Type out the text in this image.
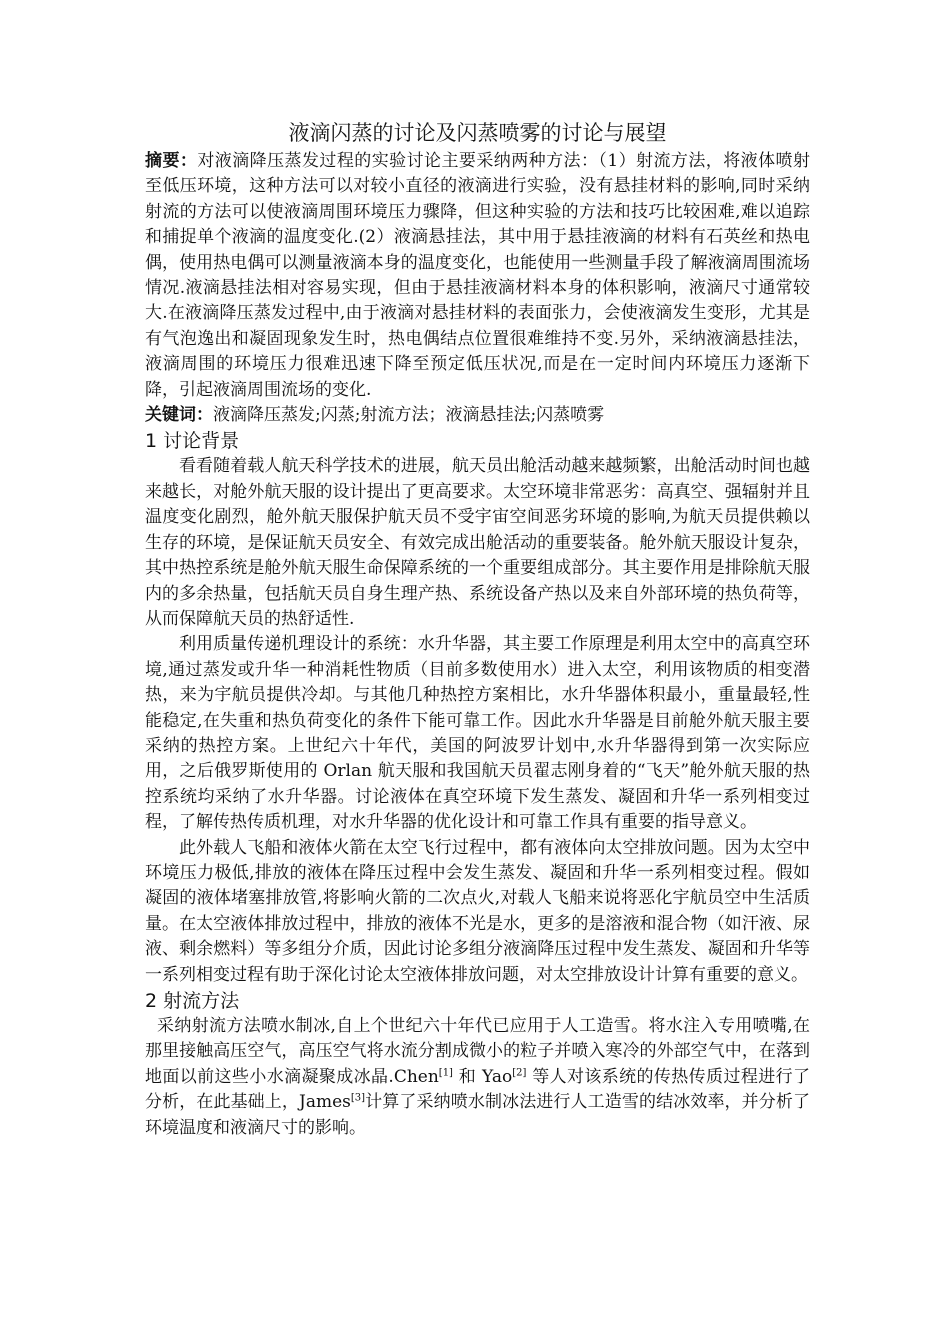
液滴闪蒸的讨论及闪蒸喷雾的讨论与展望

摘要：对液滴降压蒸发过程的实验讨论主要采纳两种方法：（1）射流方法，将液体喷射至低压环境，这种方法可以对较小直径的液滴进行实验，没有悬挂材料的影响,同时采纳射流的方法可以使液滴周围环境压力骤降，但这种实验的方法和技巧比较困难,难以追踪和捕捉单个液滴的温度变化.(2）液滴悬挂法，其中用于悬挂液滴的材料有石英丝和热电偶，使用热电偶可以测量液滴本身的温度变化，也能使用一些测量手段了解液滴周围流场情况.液滴悬挂法相对容易实现，但由于悬挂液滴材料本身的体积影响，液滴尺寸通常较大.在液滴降压蒸发过程中,由于液滴对悬挂材料的表面张力，会使液滴发生变形，尤其是有气泡逸出和凝固现象发生时，热电偶结点位置很难维持不变.另外，采纳液滴悬挂法，液滴周围的环境压力很难迅速下降至预定低压状况,而是在一定时间内环境压力逐渐下降，引起液滴周围流场的变化.

关键词：液滴降压蒸发;闪蒸;射流方法；液滴悬挂法;闪蒸喷雾

1 讨论背景

看看随着载人航天科学技术的进展，航天员出舱活动越来越频繁，出舱活动时间也越来越长，对舱外航天服的设计提出了更高要求。太空环境非常恶劣：高真空、强辐射并且温度变化剧烈，舱外航天服保护航天员不受宇宙空间恶劣环境的影响,为航天员提供赖以生存的环境，是保证航天员安全、有效完成出舱活动的重要装备。舱外航天服设计复杂，其中热控系统是舱外航天服生命保障系统的一个重要组成部分。其主要作用是排除航天服内的多余热量，包括航天员自身生理产热、系统设备产热以及来自外部环境的热负荷等，从而保障航天员的热舒适性.

利用质量传递机理设计的系统：水升华器，其主要工作原理是利用太空中的高真空环境,通过蒸发或升华一种消耗性物质（目前多数使用水）进入太空，利用该物质的相变潜热，来为宇航员提供冷却。与其他几种热控方案相比，水升华器体积最小，重量最轻,性能稳定,在失重和热负荷变化的条件下能可靠工作。因此水升华器是目前舱外航天服主要采纳的热控方案。上世纪六十年代，美国的阿波罗计划中,水升华器得到第一次实际应用，之后俄罗斯使用的 Orlan 航天服和我国航天员翟志刚身着的“飞天”舱外航天服的热控系统均采纳了水升华器。讨论液体在真空环境下发生蒸发、凝固和升华一系列相变过程，了解传热传质机理，对水升华器的优化设计和可靠工作具有重要的指导意义。

此外载人飞船和液体火箭在太空飞行过程中，都有液体向太空排放问题。因为太空中环境压力极低,排放的液体在降压过程中会发生蒸发、凝固和升华一系列相变过程。假如凝固的液体堵塞排放管,将影响火箭的二次点火,对载人飞船来说将恶化宇航员空中生活质量。在太空液体排放过程中，排放的液体不光是水，更多的是溶液和混合物（如汗液、尿液、剩余燃料）等多组分介质，因此讨论多组分液滴降压过程中发生蒸发、凝固和升华等一系列相变过程有助于深化讨论太空液体排放问题，对太空排放设计计算有重要的意义。

2 射流方法

采纳射流方法喷水制冰,自上个世纪六十年代已应用于人工造雪。将水注入专用喷嘴,在那里接触高压空气，高压空气将水流分割成微小的粒子并喷入寒冷的外部空气中，在落到地面以前这些小水滴凝聚成冰晶.Chen[1] 和 Yao[2] 等人对该系统的传热传质过程进行了分析，在此基础上，James[3]计算了采纳喷水制冰法进行人工造雪的结冰效率，并分析了环境温度和液滴尺寸的影响。
